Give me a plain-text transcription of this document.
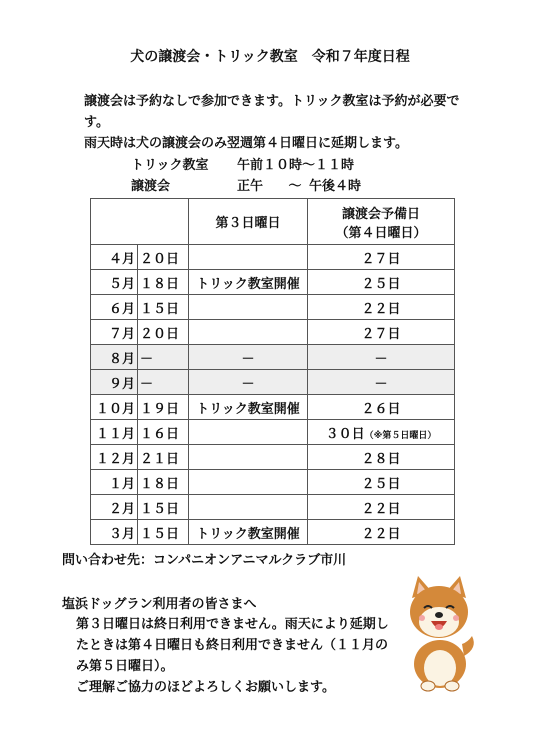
犬の譲渡会・トリック教室　令和７年度日程

譲渡会は予約なしで参加できます。トリック教室は予約が必要です。

雨天時は犬の譲渡会のみ翌週第４日曜日に延期します。

トリック教室	午前１０時 ～ １１時
譲渡会	正午	～ 午後４時
		第３日曜日	譲渡会予備日
（第４日曜日）

４月	２０日		２７日
５月	１８日	トリック教室開催	２５日
６月	１５日		２２日
７月	２０日		２７日
８月	－	－	－
９月	－	－	－
１０月	１９日	トリック教室開催	２６日
１１月	１６日		３０日（※第５日曜日）
１２月	２１日		２８日
１月	１８日		２５日
２月	１５日		２２日
３月	１５日	トリック教室開催	２２日
問い合わせ先：コンパニオンアニマルクラブ市川
塩浜ドッグラン利用者の皆さまへ

第３日曜日は終日利用できません。雨天により延期したときは第４日曜日も終日利用できません（１１月のみ第５日曜日）。

ご理解ご協力のほどよろしくお願いします。
